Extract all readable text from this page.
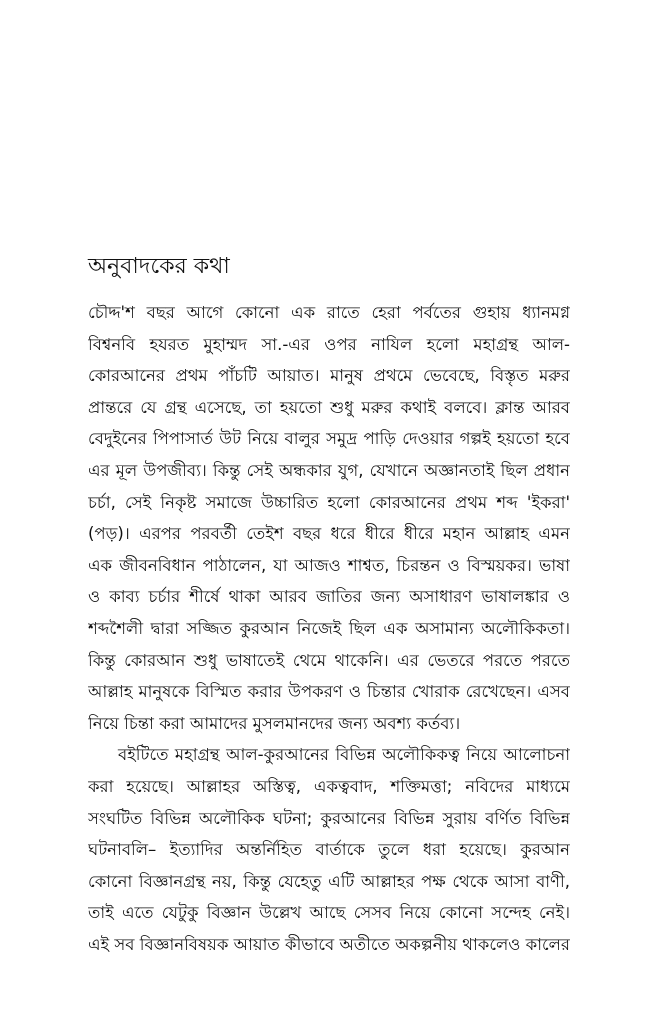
অনুবাদকের কথা
চৌদ্দ'শ বছর আগে কোনো এক রাতে হেরা পর্বতের গুহায় ধ্যানমগ্ন
বিশ্বনবি হযরত মুহাম্মদ সা.-এর ওপর নাযিল হলো মহাগ্রন্থ আল-
কোরআনের প্রথম পাঁচটি আয়াত। মানুষ প্রথমে ভেবেছে, বিস্তৃত মরুর
প্রান্তরে যে গ্রন্থ এসেছে, তা হয়তো শুধু মরুর কথাই বলবে। ক্লান্ত আরব
বেদুইনের পিপাসার্ত উট নিয়ে বালুর সমুদ্র পাড়ি দেওয়ার গল্পই হয়তো হবে
এর মূল উপজীব্য। কিন্তু সেই অন্ধকার যুগ, যেখানে অজ্ঞানতাই ছিল প্রধান
চর্চা, সেই নিকৃষ্ট সমাজে উচ্চারিত হলো কোরআনের প্রথম শব্দ 'ইকরা'
(পড়)। এরপর পরবর্তী তেইশ বছর ধরে ধীরে ধীরে মহান আল্লাহ এমন
এক জীবনবিধান পাঠালেন, যা আজও শাশ্বত, চিরন্তন ও বিস্ময়কর। ভাষা
ও কাব্য চর্চার শীর্ষে থাকা আরব জাতির জন্য অসাধারণ ভাষালঙ্কার ও
শব্দশৈলী দ্বারা সজ্জিত কুরআন নিজেই ছিল এক অসামান্য অলৌকিকতা।
কিন্তু কোরআন শুধু ভাষাতেই থেমে থাকেনি। এর ভেতরে পরতে পরতে
আল্লাহ মানুষকে বিস্মিত করার উপকরণ ও চিন্তার খোরাক রেখেছেন। এসব
নিয়ে চিন্তা করা আমাদের মুসলমানদের জন্য অবশ্য কর্তব্য।
বইটিতে মহাগ্রন্থ আল-কুরআনের বিভিন্ন অলৌকিকত্ব নিয়ে আলোচনা
করা হয়েছে। আল্লাহর অস্তিত্ব, একত্ববাদ, শক্তিমত্তা; নবিদের মাধ্যমে
সংঘটিত বিভিন্ন অলৌকিক ঘটনা; কুরআনের বিভিন্ন সুরায় বর্ণিত বিভিন্ন
ঘটনাবলি– ইত্যাদির অন্তর্নিহিত বার্তাকে তুলে ধরা হয়েছে। কুরআন
কোনো বিজ্ঞানগ্রন্থ নয়, কিন্তু যেহেতু এটি আল্লাহর পক্ষ থেকে আসা বাণী,
তাই এতে যেটুকু বিজ্ঞান উল্লেখ আছে সেসব নিয়ে কোনো সন্দেহ নেই।
এই সব বিজ্ঞানবিষয়ক আয়াত কীভাবে অতীতে অকল্পনীয় থাকলেও কালের
